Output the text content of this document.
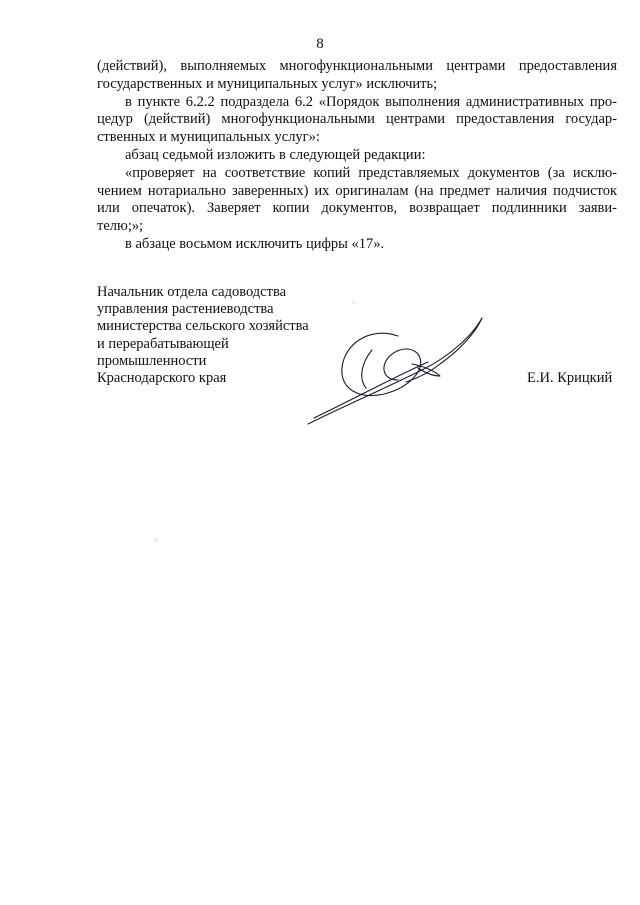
8
(действий), выполняемых многофункциональными центрами предоставления
государственных и муниципальных услуг» исключить;
в пункте 6.2.2 подраздела 6.2 «Порядок выполнения административных про-
цедур (действий) многофункциональными центрами предоставления государ-
ственных и муниципальных услуг»:
абзац седьмой изложить в следующей редакции:
«проверяет на соответствие копий представляемых документов (за исклю-
чением нотариально заверенных) их оригиналам (на предмет наличия подчисток
или опечаток). Заверяет копии документов, возвращает подлинники заяви-
телю;»;
в абзаце восьмом исключить цифры «17».
Начальник отдела садоводства
управления растениеводства
министерства сельского хозяйства
и перерабатывающей
промышленности
Краснодарского края	Е.И. Крицкий
